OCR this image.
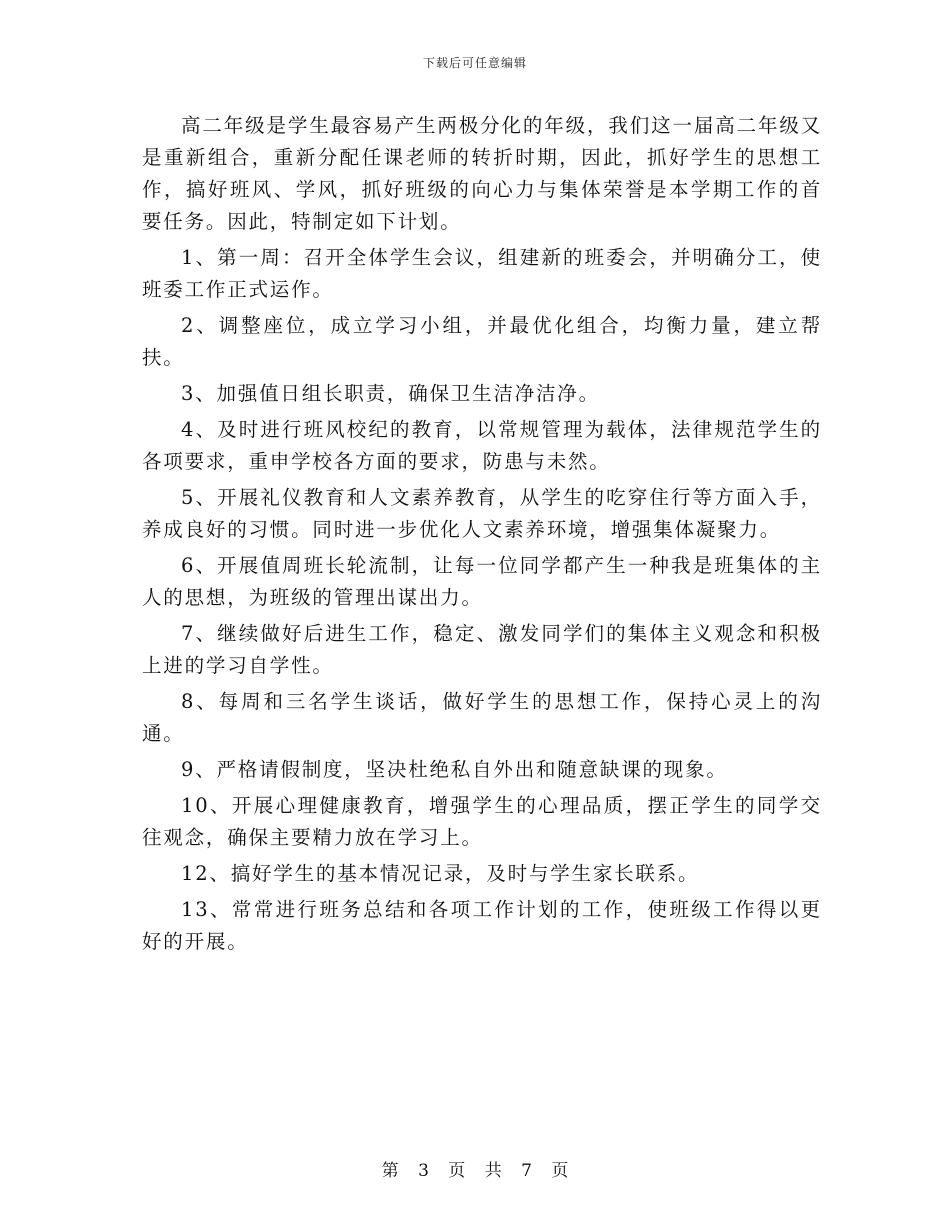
下载后可任意编辑

高二年级是学生最容易产生两极分化的年级，我们这一届高二年级又是重新组合，重新分配任课老师的转折时期，因此，抓好学生的思想工作，搞好班风、学风，抓好班级的向心力与集体荣誉是本学期工作的首要任务。因此，特制定如下计划。

1、第一周：召开全体学生会议，组建新的班委会，并明确分工，使班委工作正式运作。

2、调整座位，成立学习小组，并最优化组合，均衡力量，建立帮扶。

3、加强值日组长职责，确保卫生洁净洁净。

4、及时进行班风校纪的教育，以常规管理为载体，法律规范学生的各项要求，重申学校各方面的要求，防患与未然。

5、开展礼仪教育和人文素养教育，从学生的吃穿住行等方面入手，养成良好的习惯。同时进一步优化人文素养环境，增强集体凝聚力。

6、开展值周班长轮流制，让每一位同学都产生一种我是班集体的主人的思想，为班级的管理出谋出力。

7、继续做好后进生工作，稳定、激发同学们的集体主义观念和积极上进的学习自学性。

8、每周和三名学生谈话，做好学生的思想工作，保持心灵上的沟通。

9、严格请假制度，坚决杜绝私自外出和随意缺课的现象。

10、开展心理健康教育，增强学生的心理品质，摆正学生的同学交往观念，确保主要精力放在学习上。

12、搞好学生的基本情况记录，及时与学生家长联系。

13、常常进行班务总结和各项工作计划的工作，使班级工作得以更好的开展。

第 3 页 共 7 页
